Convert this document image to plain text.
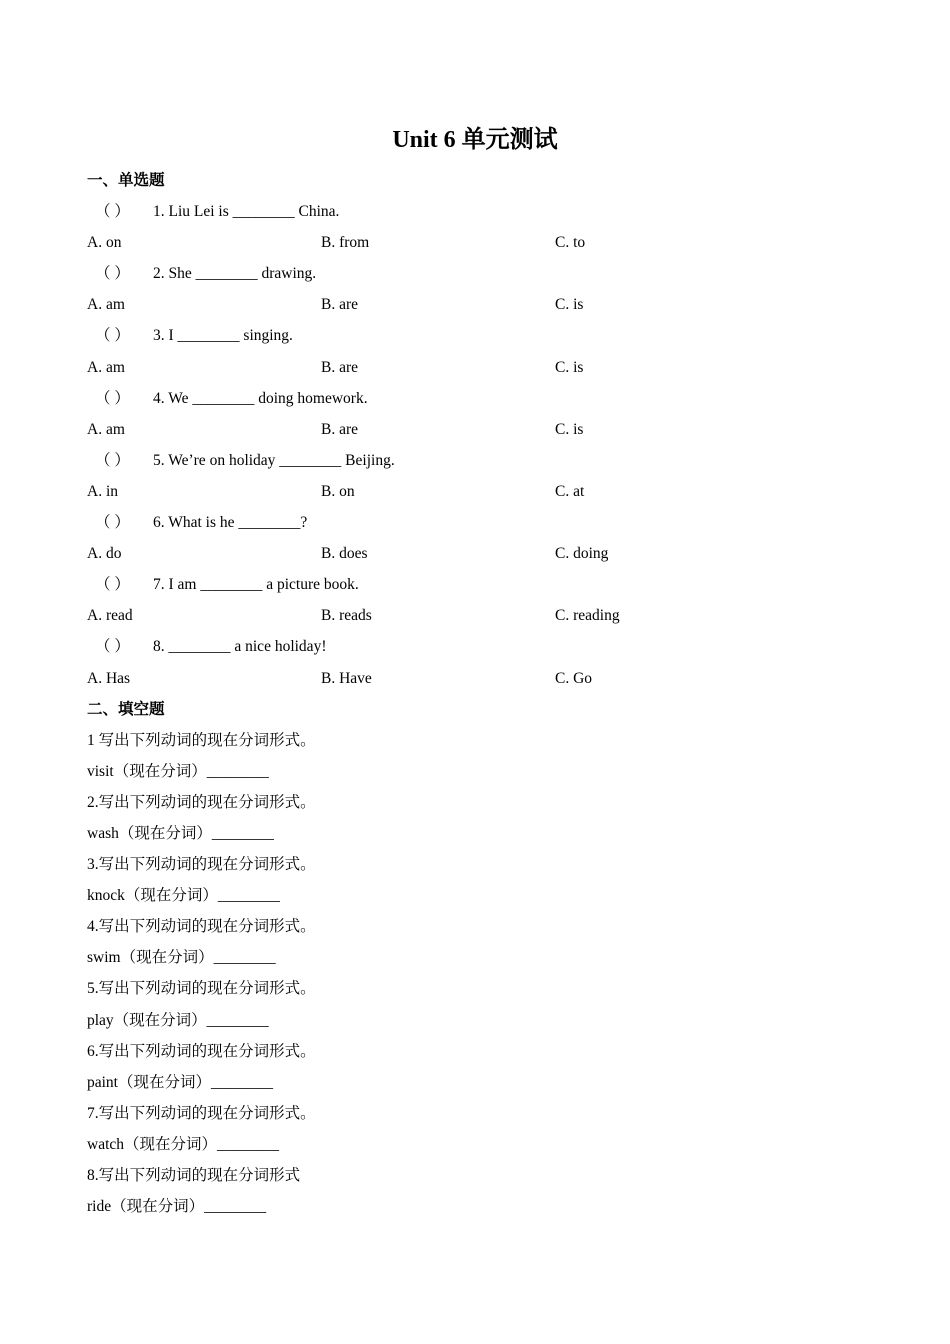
Unit 6 单元测试
一、单选题
（ ） 1. Liu Lei is ________ China.
A. on	B. from	C. to
（ ） 2. She ________ drawing.
A. am	B. are	C. is
（ ） 3. I ________ singing.
A. am	B. are	C. is
（ ） 4. We ________ doing homework.
A. am	B. are	C. is
（ ） 5. We’re on holiday ________ Beijing.
A. in	B. on	C. at
（ ） 6. What is he ________?
A. do	B. does	C. doing
（ ） 7. I am ________ a picture book.
A. read	B. reads	C. reading
（ ） 8. ________ a nice holiday!
A. Has	B. Have	C. Go
二、填空题
1 写出下列动词的现在分词形式。
visit（现在分词）________
2.写出下列动词的现在分词形式。
wash（现在分词）________
3.写出下列动词的现在分词形式。
knock（现在分词）________
4.写出下列动词的现在分词形式。
swim（现在分词）________
5.写出下列动词的现在分词形式。
play（现在分词）________
6.写出下列动词的现在分词形式。
paint（现在分词）________
7.写出下列动词的现在分词形式。
watch（现在分词）________
8.写出下列动词的现在分词形式
ride（现在分词）________
